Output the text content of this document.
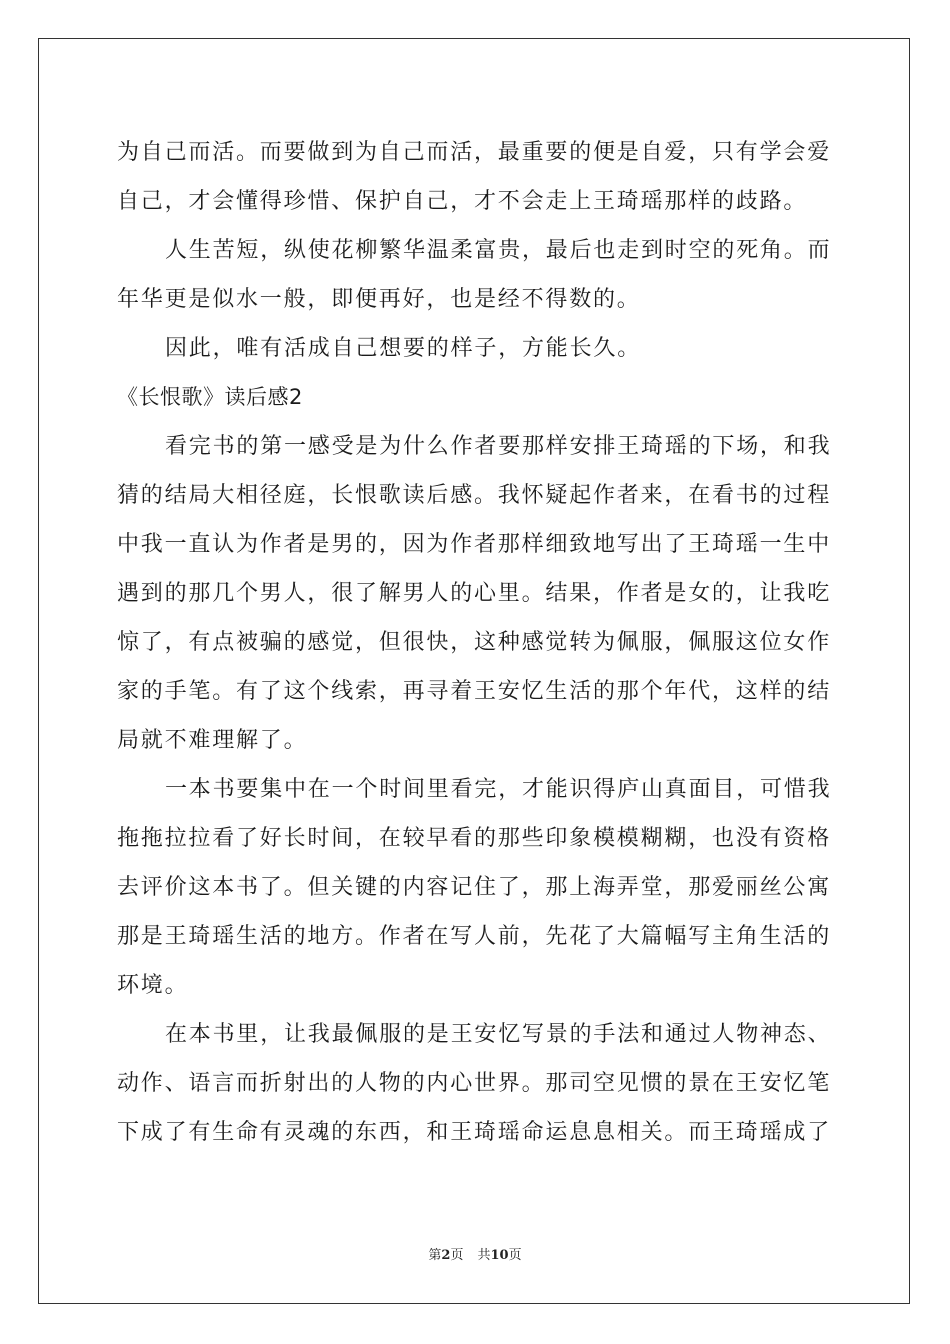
为自己而活。而要做到为自己而活，最重要的便是自爱，只有学会爱
自己，才会懂得珍惜、保护自己，才不会走上王琦瑶那样的歧路。
人生苦短，纵使花柳繁华温柔富贵，最后也走到时空的死角。而
年华更是似水一般，即便再好，也是经不得数的。
因此，唯有活成自己想要的样子，方能长久。
《长恨歌》读后感2
看完书的第一感受是为什么作者要那样安排王琦瑶的下场，和我
猜的结局大相径庭，长恨歌读后感。我怀疑起作者来，在看书的过程
中我一直认为作者是男的，因为作者那样细致地写出了王琦瑶一生中
遇到的那几个男人，很了解男人的心里。结果，作者是女的，让我吃
惊了，有点被骗的感觉，但很快，这种感觉转为佩服，佩服这位女作
家的手笔。有了这个线索，再寻着王安忆生活的那个年代，这样的结
局就不难理解了。
一本书要集中在一个时间里看完，才能识得庐山真面目，可惜我
拖拖拉拉看了好长时间，在较早看的那些印象模模糊糊，也没有资格
去评价这本书了。但关键的内容记住了，那上海弄堂，那爱丽丝公寓
那是王琦瑶生活的地方。作者在写人前，先花了大篇幅写主角生活的
环境。
在本书里，让我最佩服的是王安忆写景的手法和通过人物神态、
动作、语言而折射出的人物的内心世界。那司空见惯的景在王安忆笔
下成了有生命有灵魂的东西，和王琦瑶命运息息相关。而王琦瑶成了
第2页 共10页
